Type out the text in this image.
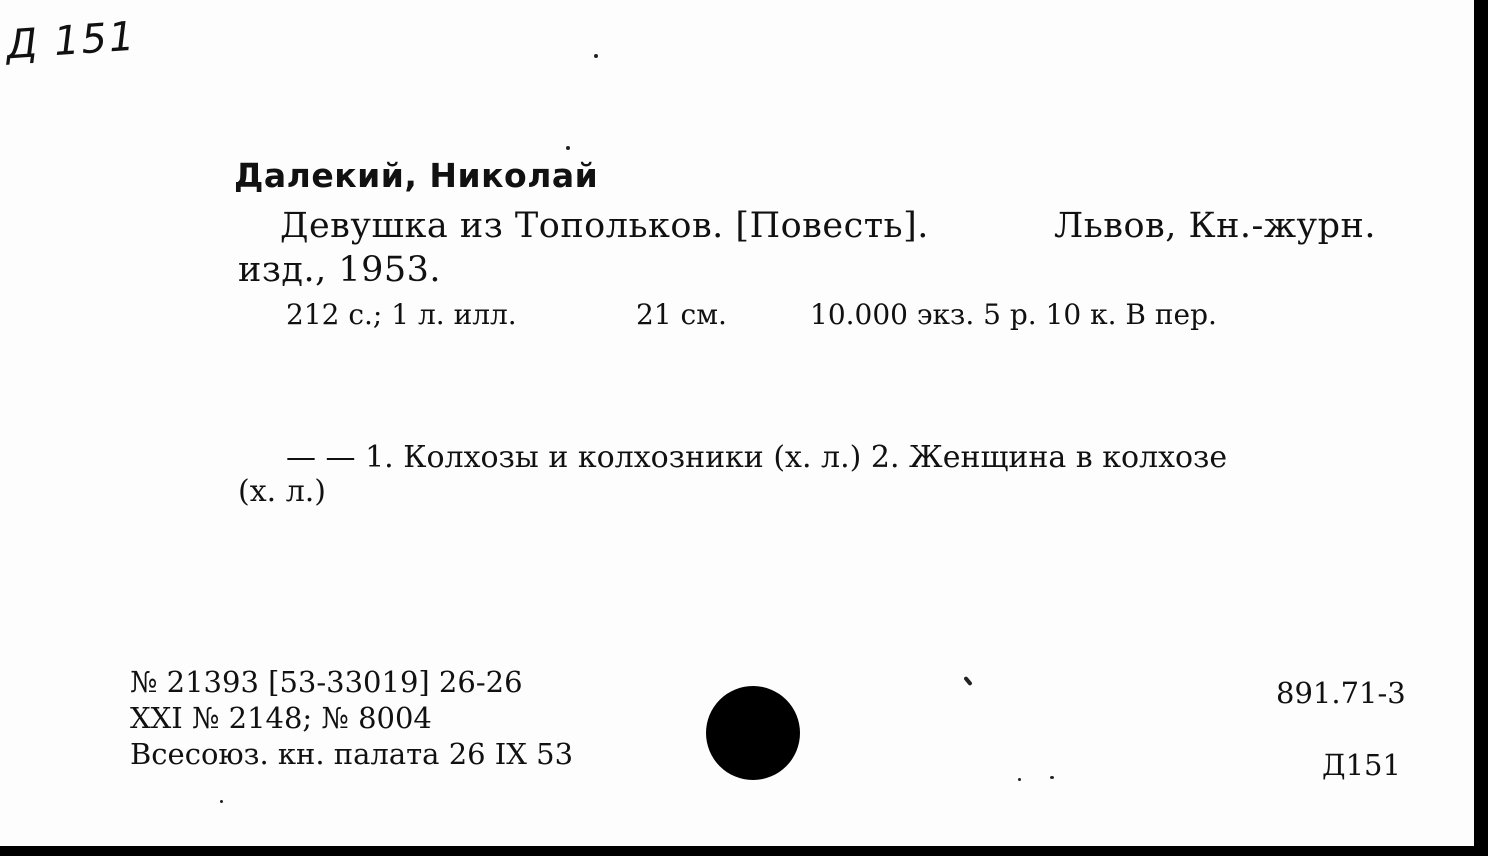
Д 151
Далекий, Николай
Девушка из Топольков. [Повесть].	Львов, Кн.-журн.
изд., 1953.
212 с.; 1 л. илл.	21 см.	10.000 экз. 5 р. 10 к. В пер.
— — 1. Колхозы и колхозники (х. л.) 2. Женщина в колхозе
(х. л.)
№ 21393 [53-33019] 26-26
XXI № 2148; № 8004
Всесоюз. кн. палата 26 IX 53
891.71-3
Д151
